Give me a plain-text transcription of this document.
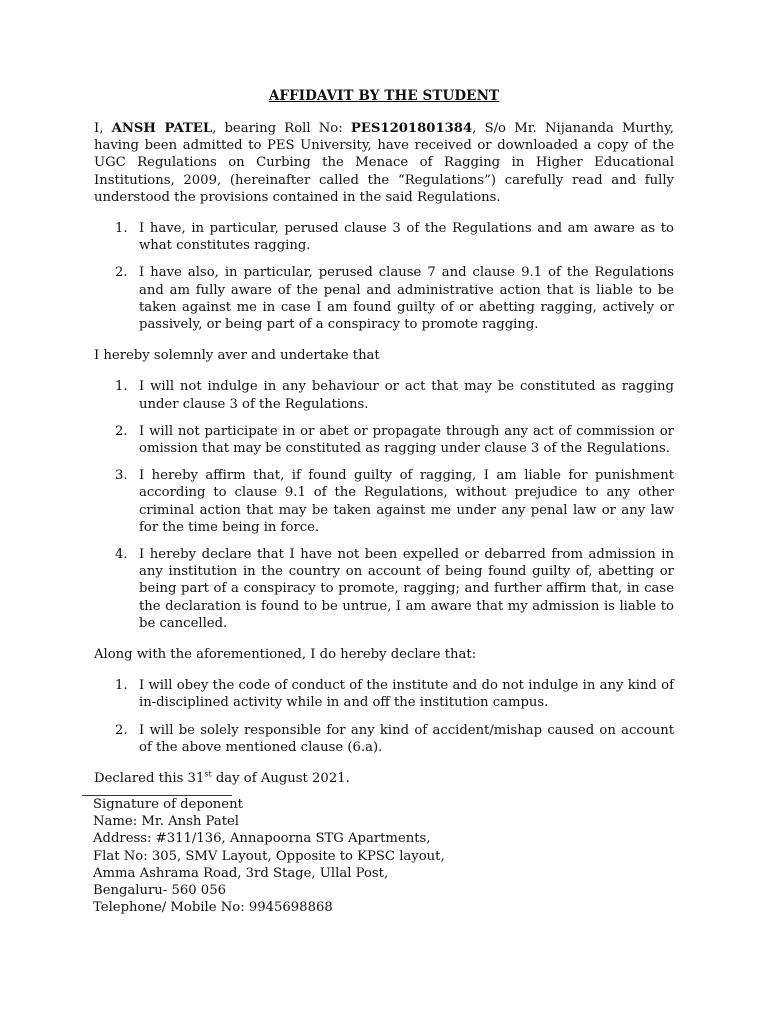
AFFIDAVIT BY THE STUDENT

I, ANSH PATEL, bearing Roll No: PES1201801384, S/o Mr. Nijananda Murthy, having been admitted to PES University, have received or downloaded a copy of the UGC Regulations on Curbing the Menace of Ragging in Higher Educational Institutions, 2009, (hereinafter called the “Regulations”) carefully read and fully understood the provisions contained in the said Regulations.

1. I have, in particular, perused clause 3 of the Regulations and am aware as to what constitutes ragging.
2. I have also, in particular, perused clause 7 and clause 9.1 of the Regulations and am fully aware of the penal and administrative action that is liable to be taken against me in case I am found guilty of or abetting ragging, actively or passively, or being part of a conspiracy to promote ragging.

I hereby solemnly aver and undertake that

1. I will not indulge in any behaviour or act that may be constituted as ragging under clause 3 of the Regulations.
2. I will not participate in or abet or propagate through any act of commission or omission that may be constituted as ragging under clause 3 of the Regulations.
3. I hereby affirm that, if found guilty of ragging, I am liable for punishment according to clause 9.1 of the Regulations, without prejudice to any other criminal action that may be taken against me under any penal law or any law for the time being in force.
4. I hereby declare that I have not been expelled or debarred from admission in any institution in the country on account of being found guilty of, abetting or being part of a conspiracy to promote, ragging; and further affirm that, in case the declaration is found to be untrue, I am aware that my admission is liable to be cancelled.

Along with the aforementioned, I do hereby declare that:

1. I will obey the code of conduct of the institute and do not indulge in any kind of in-disciplined activity while in and off the institution campus.
2. I will be solely responsible for any kind of accident/mishap caused on account of the above mentioned clause (6.a).

Declared this 31st day of August 2021.

Signature of deponent
Name: Mr. Ansh Patel
Address: #311/136, Annapoorna STG Apartments,
Flat No: 305, SMV Layout, Opposite to KPSC layout,
Amma Ashrama Road, 3rd Stage, Ullal Post,
Bengaluru- 560 056
Telephone/ Mobile No: 9945698868
